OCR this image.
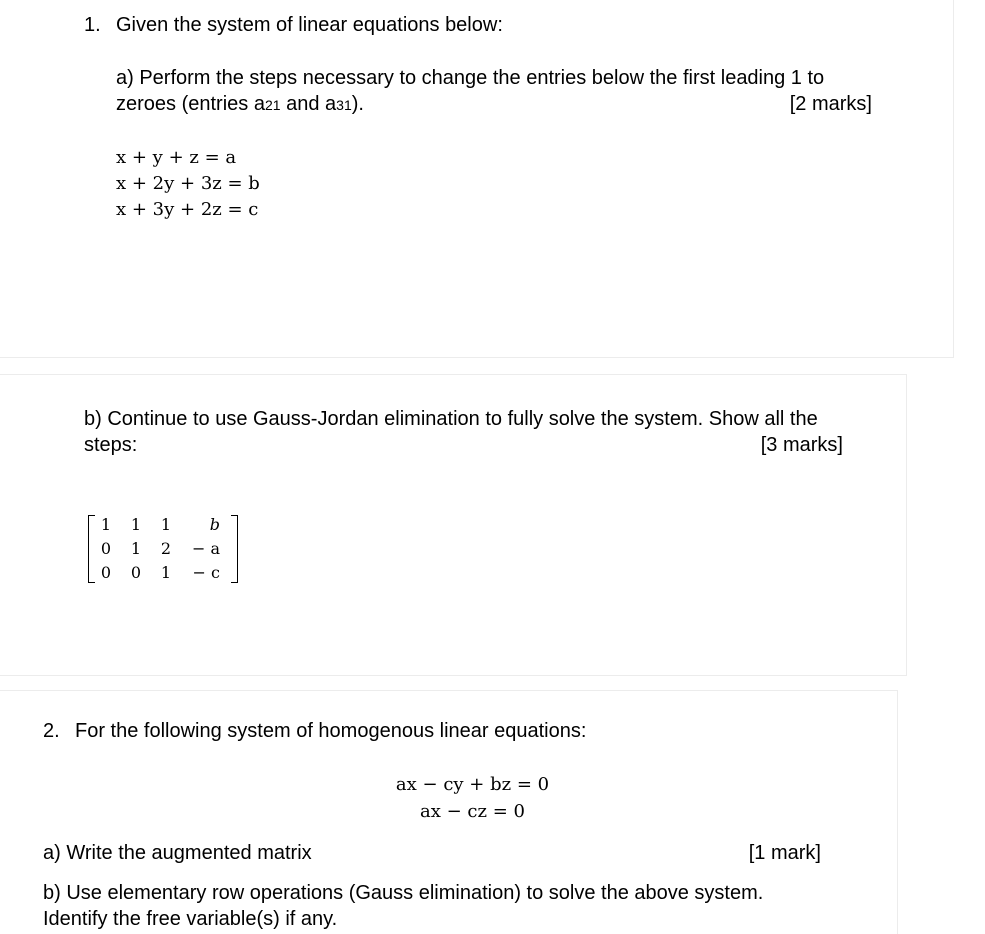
1. Given the system of linear equations below:
a) Perform the steps necessary to change the entries below the first leading 1 to
zeroes (entries a21 and a31).	[2 marks]
x + y + z = a
x + 2y + 3z = b
x + 3y + 2z = c
b) Continue to use Gauss-Jordan elimination to fully solve the system. Show all the
steps:	[3 marks]
1	1	1	b
0	1	2	− a
0	0	1	− c
2. For the following system of homogenous linear equations:
ax − cy + bz = 0
ax − cz = 0
a) Write the augmented matrix	[1 mark]
b) Use elementary row operations (Gauss elimination) to solve the above system.
Identify the free variable(s) if any.
